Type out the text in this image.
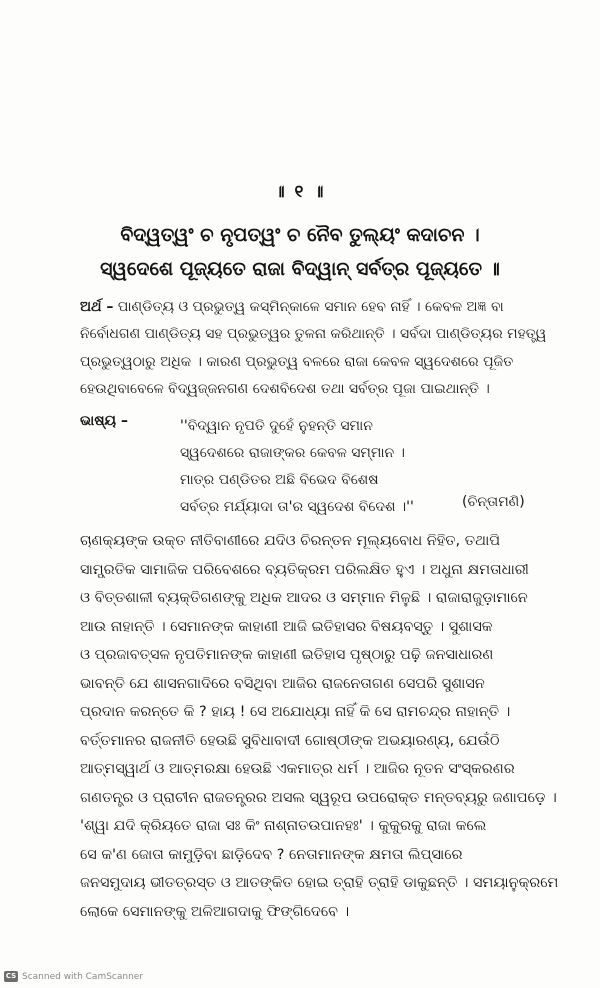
॥ ୧ ॥
ବିଦ୍ୱତ୍ୱଂ ଚ ନୃପତ୍ୱଂ ଚ ନୈବ ତୁଲ୍ୟଂ କଦାଚନ ।
ସ୍ୱଦେଶେ ପୂଜ୍ୟତେ ରାଜା ବିଦ୍ୱାନ୍ ସର୍ବତ୍ର ପୂଜ୍ୟତେ ॥
ଅର୍ଥ – ପାଣ୍ଡିତ୍ୟ ଓ ପ୍ରଭୁତ୍ୱ କସ୍ମିନ୍‌କାଳେ ସମାନ ହେବ ନାହିଁ । କେବଳ ଅଜ୍ଞ ବା
ନିର୍ବୋଧଗଣ ପାଣ୍ଡିତ୍ୟ ସହ ପ୍ରଭୁତ୍ୱର ତୁଳନା କରିଥାନ୍ତି । ସର୍ବଦା ପାଣ୍ଡିତ୍ୟର ମହତ୍ତ୍ୱ
ପ୍ରଭୁତ୍ୱଠାରୁ ଅଧିକ । କାରଣ ପ୍ରଭୁତ୍ୱ ବଳରେ ରାଜା କେବଳ ସ୍ୱଦେଶରେ ପୂଜିତ
ହେଉଥିବାବେଳେ ବିଦ୍ୱଜ୍ଜନଗଣ ଦେଶବିଦେଶ ତଥା ସର୍ବତ୍ର ପୂଜା ପାଇଥାନ୍ତି ।
ଭାଷ୍ୟ –	''ବିଦ୍ୱାନ ନୃପତି ଦୁହେଁ ନୁହନ୍ତି ସମାନ
ସ୍ୱଦେଶରେ ରାଜାଙ୍କର କେବଳ ସମ୍ମାନ ।
ମାତ୍ର ପଣ୍ଡିତର ଅଛି ବିଭେଦ ବିଶେଷ
ସର୍ବତ୍ର ମର୍ଯ୍ୟାଦା ତା'ର ସ୍ୱଦେଶ ବିଦେଶ ।''	(ଚିନ୍ତାମଣି)
ଚାଣକ୍ୟଙ୍କ ଉକ୍ତ ନୀତିବାଣୀରେ ଯଦିଓ ଚିରନ୍ତନ ମୂଲ୍ୟବୋଧ ନିହିତ, ତଥାପି
ସାମ୍ପ୍ରତିକ ସାମାଜିକ ପରିବେଶରେ ବ୍ୟତିକ୍ରମ ପରିଲକ୍ଷିତ ହୁଏ । ଅଧୁନା କ୍ଷମତାଧାରୀ
ଓ ବିତ୍ତଶାଳୀ ବ୍ୟକ୍ତିଗଣଙ୍କୁ ଅଧିକ ଆଦର ଓ ସମ୍ମାନ ମିଳୁଛି । ରାଜାରାଜୁଡ଼ାମାନେ
ଆଉ ନାହାନ୍ତି । ସେମାନଙ୍କ କାହାଣୀ ଆଜି ଇତିହାସର ବିଷୟବସ୍ତୁ । ସୁଶାସକ
ଓ ପ୍ରଜାବତ୍ସଳ ନୃପତିମାନଙ୍କ କାହାଣୀ ଇତିହାସ ପୃଷ୍ଠାରୁ ପଢ଼ି ଜନସାଧାରଣ
ଭାବନ୍ତି ଯେ ଶାସନଗାଦିରେ ବସିଥିବା ଆଜିର ରାଜନେତାଗଣ ସେପରି ସୁଶାସନ
ପ୍ରଦାନ କରନ୍ତେ କି ? ହାୟ ! ସେ ଅଯୋଧ୍ୟା ନାହିଁ କି ସେ ରାମଚନ୍ଦ୍ର ନାହାନ୍ତି ।
ବର୍ତ୍ତମାନର ରାଜନୀତି ହେଉଛି ସୁବିଧାବାଦୀ ଗୋଷ୍ଠୀଙ୍କ ଅଭୟାରଣ୍ୟ, ଯେଉଁଠି
ଆତ୍ମସ୍ୱାର୍ଥ ଓ ଆତ୍ମରକ୍ଷା ହେଉଛି ଏକମାତ୍ର ଧର୍ମ । ଆଜିର ନୂତନ ସଂସ୍କରଣର
ଗଣତନ୍ତ୍ର ଓ ପ୍ରାଚୀନ ରାଜତନ୍ତ୍ରର ଅସଲ ସ୍ୱରୂପ ଉପରୋକ୍ତ ମନ୍ତବ୍ୟରୁ ଜଣାପଡ଼େ ।
'ଶ୍ୱା ଯଦି କ୍ରିୟତେ ରାଜା ସଃ କିଂ ନାଶ୍ନାତଉପାନହଃ' । କୁକୁରକୁ ରାଜା କଲେ
ସେ କ'ଣ ଜୋତା କାମୁଡ଼ିବା ଛାଡ଼ିଦେବ ? ନେତାମାନଙ୍କ କ୍ଷମତା ଲିପ୍ସାରେ
ଜନସମୁଦାୟ ଭୀତତ୍ରସ୍ତ ଓ ଆତଙ୍କିତ ହୋଇ ତ୍ରାହି ତ୍ରାହି ଡାକୁଛନ୍ତି । ସମୟାନୁକ୍ରମେ
ଲୋକେ ସେମାନଙ୍କୁ ଅଳିଆଗଦାକୁ ଫିଙ୍ଗିଦେବେ ।
CS Scanned with CamScanner
